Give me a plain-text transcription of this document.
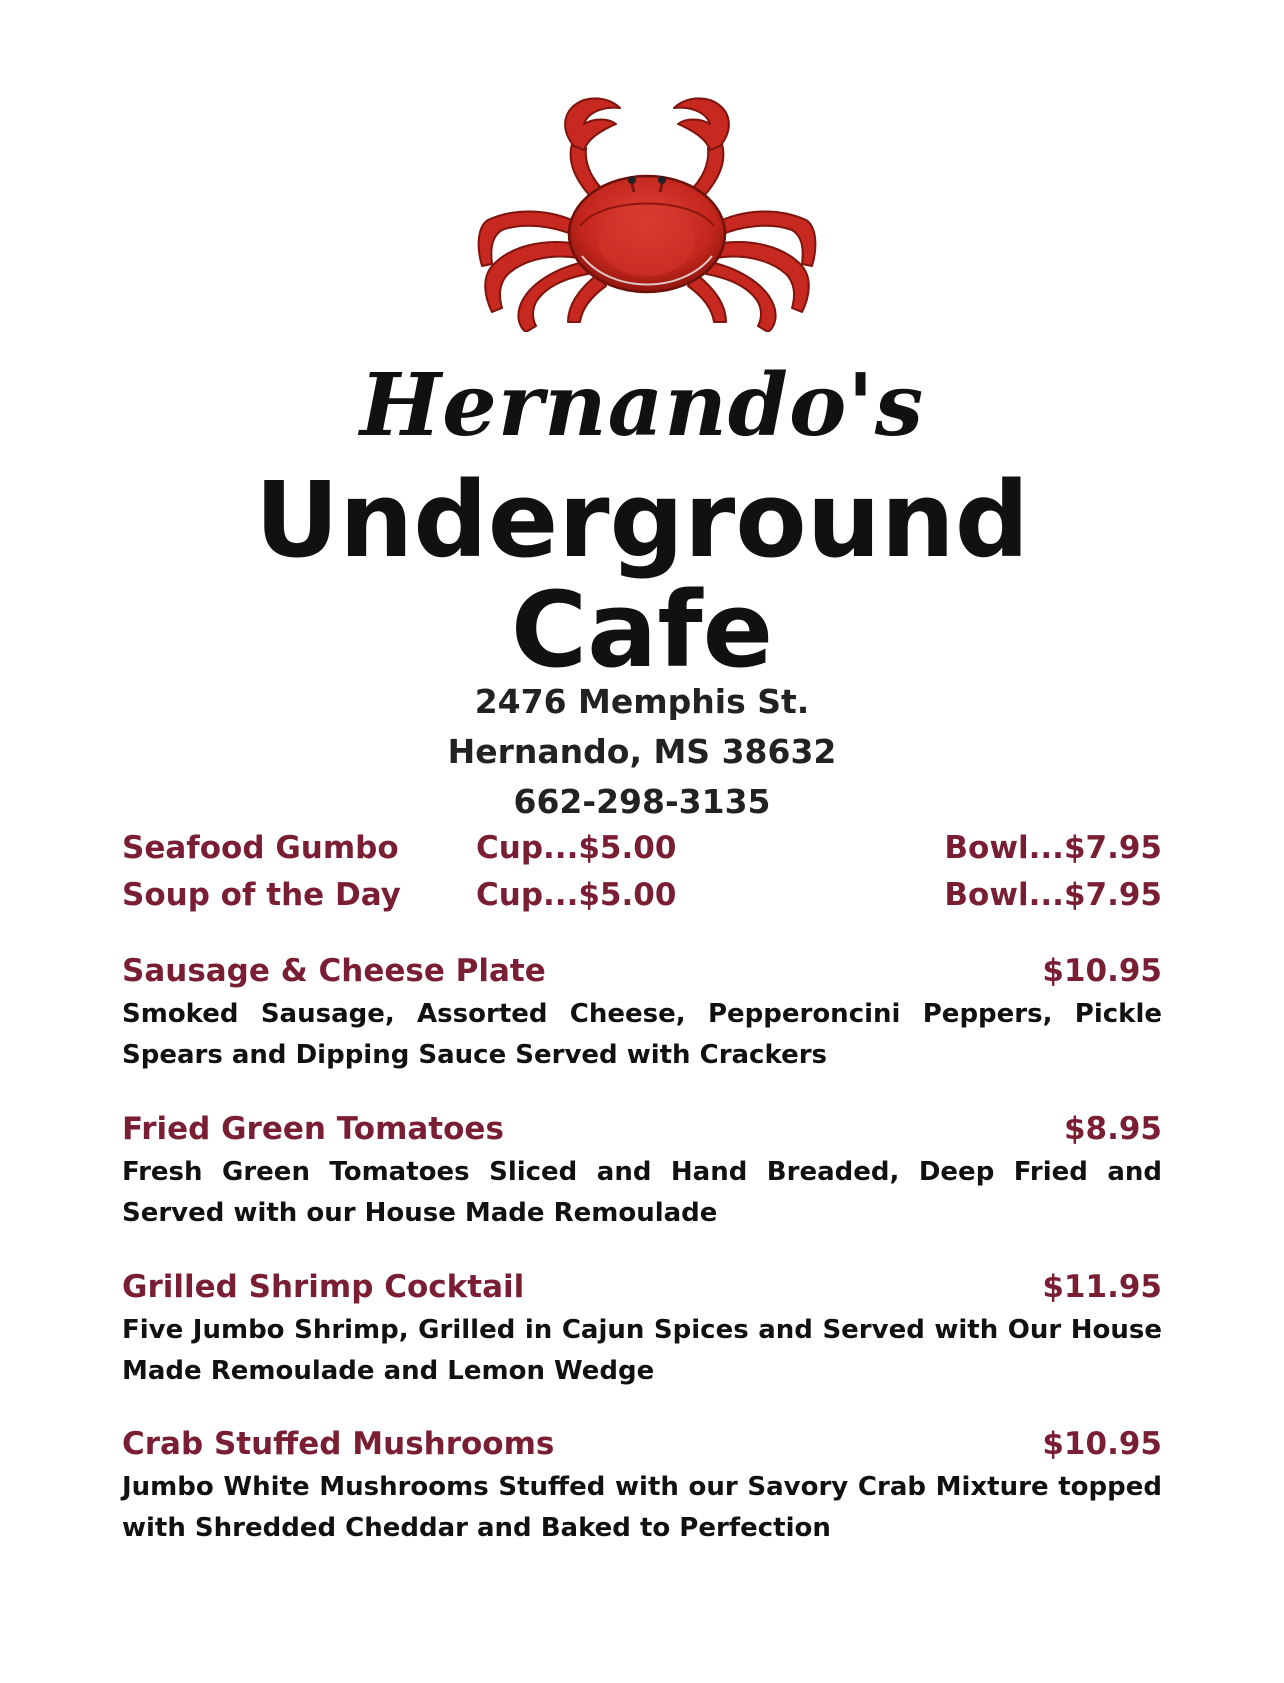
Hernando's
Underground
Cafe
2476 Memphis St.
Hernando, MS 38632
662-298-3135
Seafood Gumbo Cup...$5.00	Bowl...$7.95
Soup of the Day Cup...$5.00	Bowl...$7.95
Sausage & Cheese Plate	$10.95
Smoked Sausage, Assorted Cheese, Pepperoncini Peppers, Pickle Spears and Dipping Sauce Served with Crackers
Fried Green Tomatoes	$8.95
Fresh Green Tomatoes Sliced and Hand Breaded, Deep Fried and Served with our House Made Remoulade
Grilled Shrimp Cocktail	$11.95
Five Jumbo Shrimp, Grilled in Cajun Spices and Served with Our House Made Remoulade and Lemon Wedge
Crab Stuffed Mushrooms	$10.95
Jumbo White Mushrooms Stuffed with our Savory Crab Mixture topped with Shredded Cheddar and Baked to Perfection
